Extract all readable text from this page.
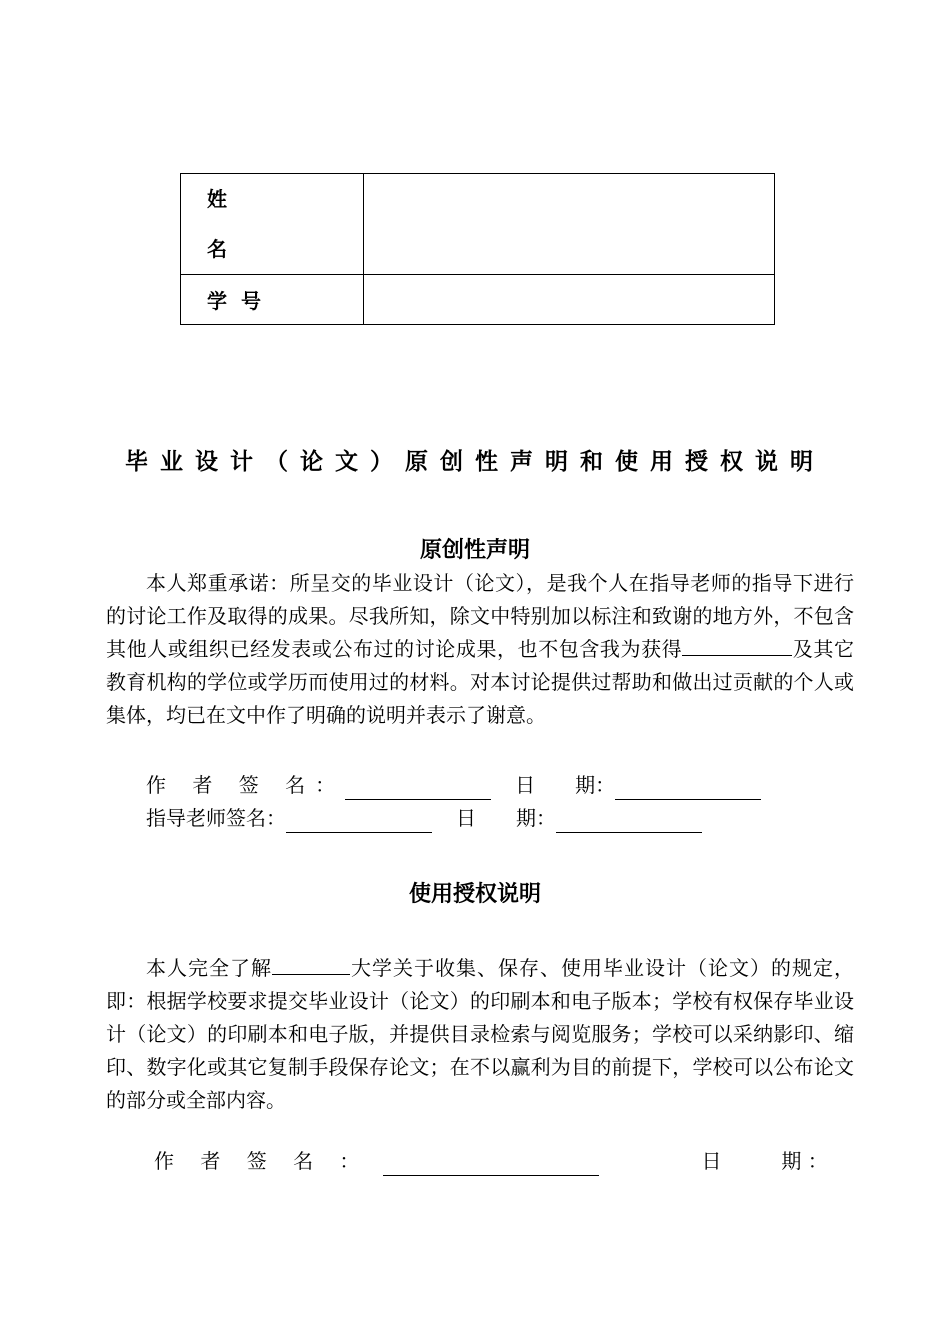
姓
名	

学号	
毕业设计（论文）原创性声明和使用授权说明
原创性声明

本人郑重承诺：所呈交的毕业设计（论文），是我个人在指导老师的指导下进行的讨论工作及取得的成果。尽我所知，除文中特别加以标注和致谢的地方外，不包含其他人或组织已经发表或公布过的讨论成果，也不包含我为获得	及其它教育机构的学位或学历而使用过的材料。对本讨论提供过帮助和做出过贡献的个人或集体，均已在文中作了明确的说明并表示了谢意。

作 者 签 名：	日　　期：
指导老师签名：	日　　期：
使用授权说明

本人完全了解	大学关于收集、保存、使用毕业设计（论文）的规定，即：根据学校要求提交毕业设计（论文）的印刷本和电子版本；学校有权保存毕业设计（论文）的印刷本和电子版，并提供目录检索与阅览服务；学校可以采纳影印、缩印、数字化或其它复制手段保存论文；在不以赢利为目的前提下，学校可以公布论文的部分或全部内容。

作 者 签 名 ：	日　　　期 ：
